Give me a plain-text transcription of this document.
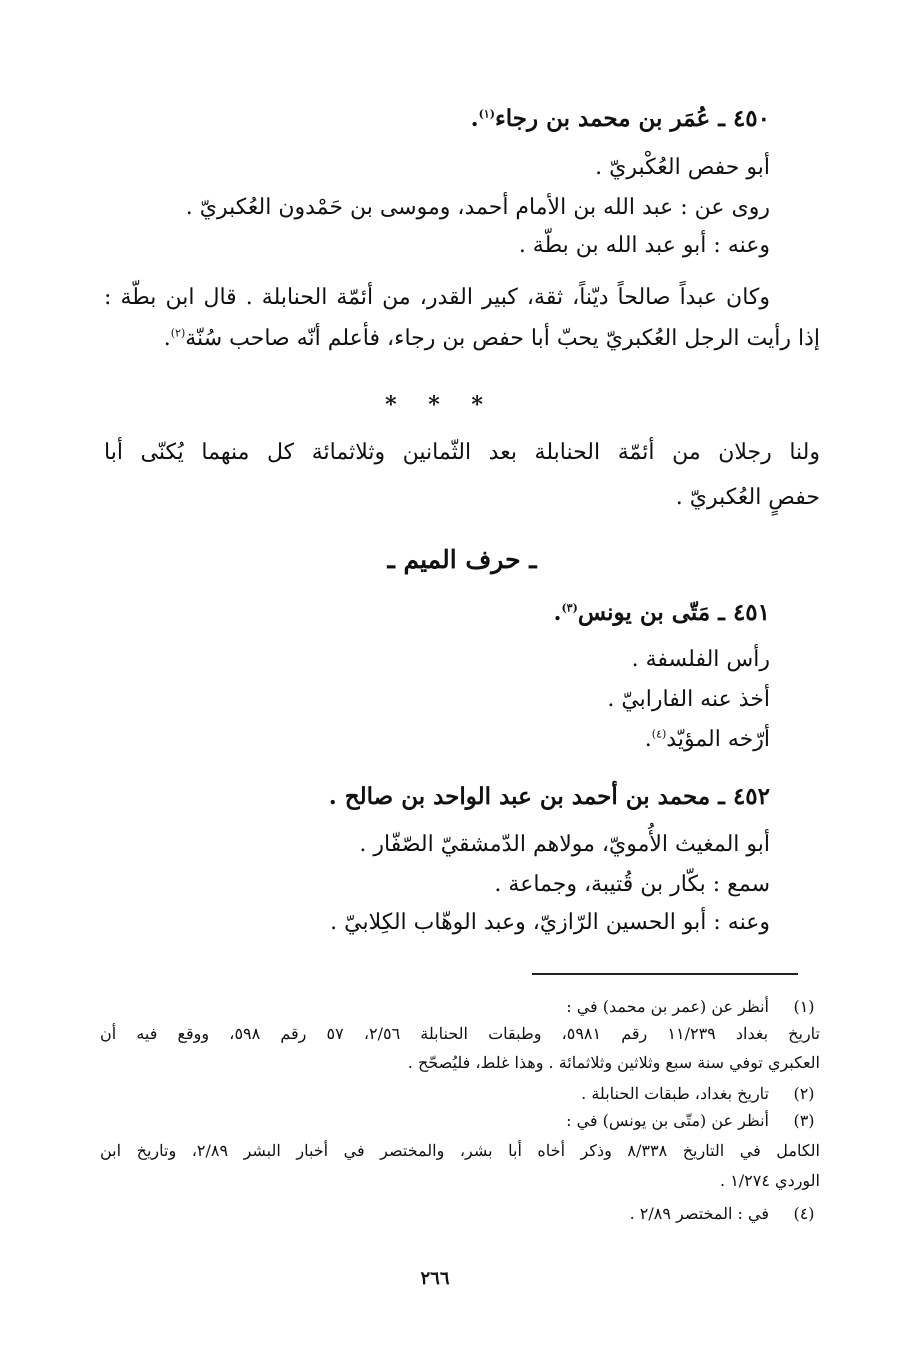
٤٥٠ ـ عُمَر بن محمد بن رجاء$^{(١)}$.
أبو حفص العُكْبريّ .
روى عن : عبد الله بن الأمام أحمد، وموسى بن حَمْدون العُكبريّ .
وعنه : أبو عبد الله بن بطّة .
وكان عبداً صالحاً ديّناً، ثقة، كبير القدر، من أئمّة الحنابلة . قال ابن بطّة :
إذا رأيت الرجل العُكبريّ يحبّ أبا حفص بن رجاء، فأعلم أنّه صاحب سُنّة$^{(٢)}$.
* * *
ولنا رجلان من أئمّة الحنابلة بعد الثّمانين وثلاثمائة كل منهما يُكنّى أبا
حفصٍ العُكبريّ .
ـ حرف الميم ـ
٤٥١ ـ مَتّى بن يونس$^{(٣)}$.
رأس الفلسفة .
أخذ عنه الفارابيّ .
أرّخه المؤيّد$^{(٤)}$.
٤٥٢ ـ محمد بن أحمد بن عبد الواحد بن صالح .
أبو المغيث الأُمويّ، مولاهم الدّمشقيّ الصّفّار .
سمع : بكّار بن قُتيبة، وجماعة .
وعنه : أبو الحسين الرّازيّ، وعبد الوهّاب الكِلابيّ .
(١)
أنظر عن (عمر بن محمد) في :
تاريخ بغداد ١١/٢٣٩ رقم ٥٩٨١، وطبقات الحنابلة ٢/٥٦، ٥٧ رقم ٥٩٨، ووقع فيه أن
العكبري توفي سنة سبع وثلاثين وثلاثمائة . وهذا غلط، فليُصحّح .
(٢)
تاريخ بغداد، طبقات الحنابلة .
(٣)
أنظر عن (متّى بن يونس) في :
الكامل في التاريخ ٨/٣٣٨ وذكر أخاه أبا بشر، والمختصر في أخبار البشر ٢/٨٩، وتاريخ ابن
الوردي ١/٢٧٤ .
(٤)
في : المختصر ٢/٨٩ .
٢٦٦
